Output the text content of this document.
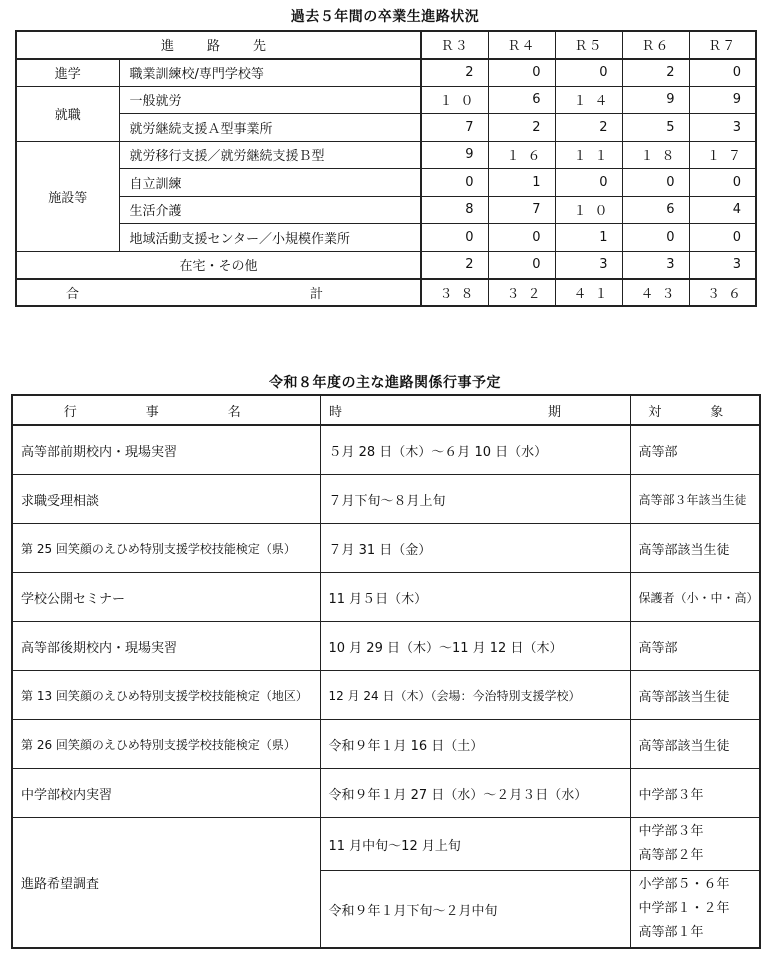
過去５年間の卒業生進路状況
進　路　先		Ｒ３	Ｒ４	Ｒ５	Ｒ６	Ｒ７
進学	職業訓練校/専門学校等	2	0	0	2	0
就職	一般就労	１０	6	１４	9	9
	就労継続支援Ａ型事業所	7	2	2	5	3
施設等	就労移行支援／就労継続支援Ｂ型	9	１６	１１	１８	１７
	自立訓練	0	1	0	0	0
	生活介護	8	7	１０	6	4
	地域活動支援センター／小規模作業所	0	0	1	0	0
在宅・その他		2	0	3	3	3
合　　　計		３８	３２	４１	４３	３６
令和８年度の主な進路関係行事予定
行　事　名	時　　期	対　象
高等部前期校内・現場実習	５月 28 日（木）～６月 10 日（水）	高等部
求職受理相談	７月下旬～８月上旬	高等部３年該当生徒
第 25 回笑顔のえひめ特別支援学校技能検定（県）	７月 31 日（金）	高等部該当生徒
学校公開セミナー	11 月５日（木）	保護者（小・中・高）
高等部後期校内・現場実習	10 月 29 日（木）～11 月 12 日（木）	高等部
第 13 回笑顔のえひめ特別支援学校技能検定（地区）	12 月 24 日（木）（会場：今治特別支援学校）	高等部該当生徒
第 26 回笑顔のえひめ特別支援学校技能検定（県）	令和９年１月 16 日（土）	高等部該当生徒
中学部校内実習	令和９年１月 27 日（水）～２月３日（水）	中学部３年
進路希望調査	11 月中旬～12 月上旬	中学部３年
高等部２年

	令和９年１月下旬～２月中旬	小学部５・６年
中学部１・２年
高等部１年
